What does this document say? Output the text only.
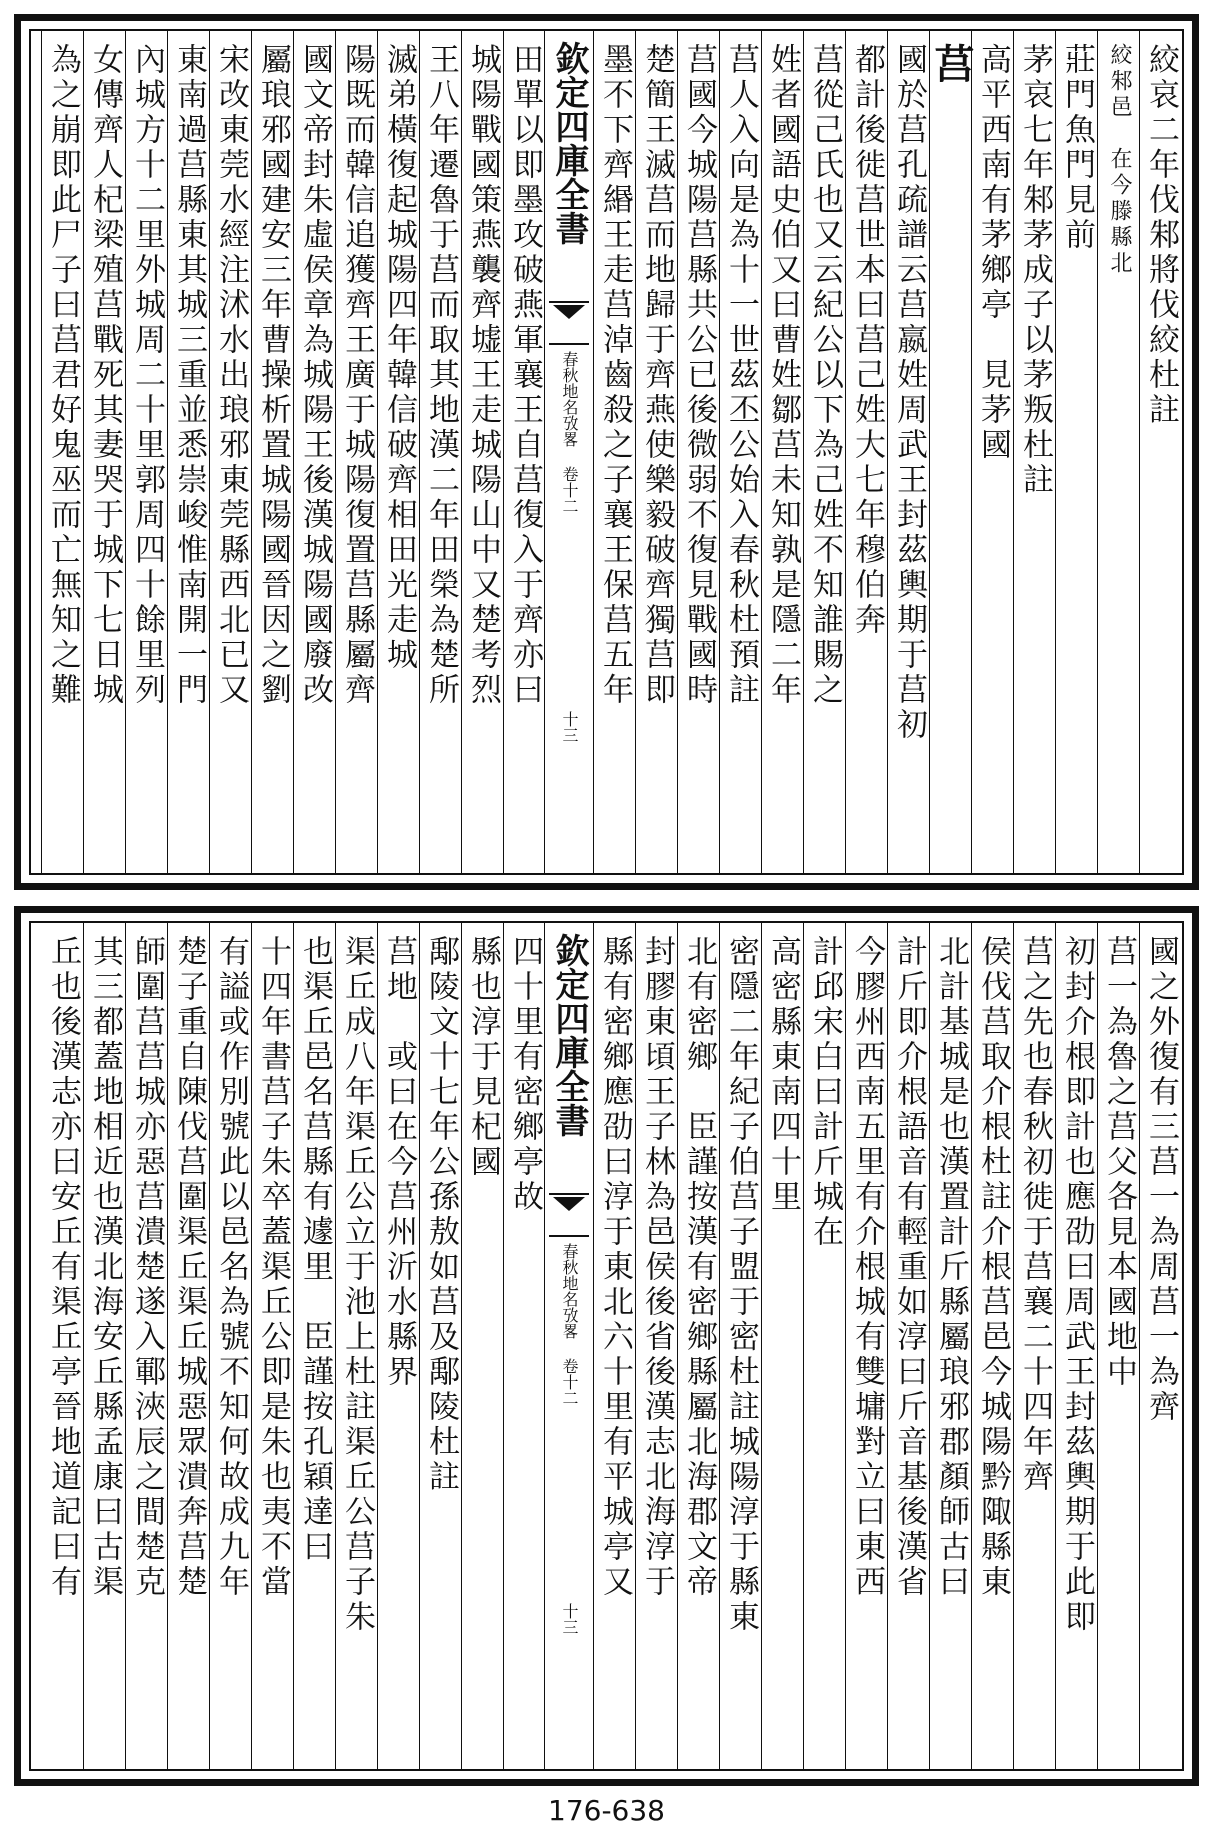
絞哀二年伐邾將伐絞杜註
絞邾邑　在今滕縣北
莊門魚門見前
茅哀七年邾茅成子以茅叛杜註
高平西南有茅鄉亭　見茅國
莒
國於莒孔疏譜云莒嬴姓周武王封茲輿期于莒初
都計後徙莒世本曰莒己姓大七年穆伯奔
莒從己氏也又云紀公以下為己姓不知誰賜之
姓者國語史伯又曰曹姓鄒莒未知孰是隱二年
莒人入向是為十一世茲丕公始入春秋杜預註
莒國今城陽莒縣共公已後微弱不復見戰國時
楚簡王滅莒而地歸于齊燕使樂毅破齊獨莒即
墨不下齊緡王走莒淖齒殺之子襄王保莒五年
欽定四庫全書
春秋地名攷畧 卷十二
十三
田單以即墨攻破燕軍襄王自莒復入于齊亦曰
城陽戰國策燕襲齊墟王走城陽山中又楚考烈
王八年遷魯于莒而取其地漢二年田榮為楚所
滅弟橫復起城陽四年韓信破齊相田光走城
陽既而韓信追獲齊王廣于城陽復置莒縣屬齊
國文帝封朱虛侯章為城陽王後漢城陽國廢改
屬琅邪國建安三年曹操析置城陽國晉因之劉
宋改東莞水經注沭水出琅邪東莞縣西北已又
東南過莒縣東其城三重並悉崇峻惟南開一門
內城方十二里外城周二十里郭周四十餘里列
女傳齊人杞梁殖莒戰死其妻哭于城下七日城
為之崩即此尸子曰莒君好鬼巫而亡無知之難
國之外復有三莒一為周莒一為齊
莒一為魯之莒父各見本國地中
初封介根即計也應劭曰周武王封茲輿期于此即
莒之先也春秋初徙于莒襄二十四年齊
侯伐莒取介根杜註介根莒邑今城陽黔陬縣東
北計基城是也漢置計斤縣屬琅邪郡顏師古曰
計斤即介根語音有輕重如淳曰斤音基後漢省
今膠州西南五里有介根城有雙墉對立曰東西
計邱宋白曰計斤城在
高密縣東南四十里
密隱二年紀子伯莒子盟于密杜註城陽淳于縣東
北有密鄉　臣謹按漢有密鄉縣屬北海郡文帝
封膠東頃王子林為邑侯後省後漢志北海淳于
縣有密鄉應劭曰淳于東北六十里有平城亭又
欽定四庫全書
春秋地名攷畧 卷十二
十三
四十里有密鄉亭故
縣也淳于見杞國
鄅陵文十七年公孫敖如莒及鄅陵杜註
莒地　或曰在今莒州沂水縣界
渠丘成八年渠丘公立于池上杜註渠丘公莒子朱
也渠丘邑名莒縣有遽里　臣謹按孔穎達曰
十四年書莒子朱卒蓋渠丘公即是朱也夷不當
有謚或作別號此以邑名為號不知何故成九年
楚子重自陳伐莒圍渠丘渠丘城惡眾潰奔莒楚
師圍莒莒城亦惡莒潰楚遂入鄆浹辰之間楚克
其三都蓋地相近也漢北海安丘縣孟康曰古渠
丘也後漢志亦曰安丘有渠丘亭晉地道記曰有
176-638
